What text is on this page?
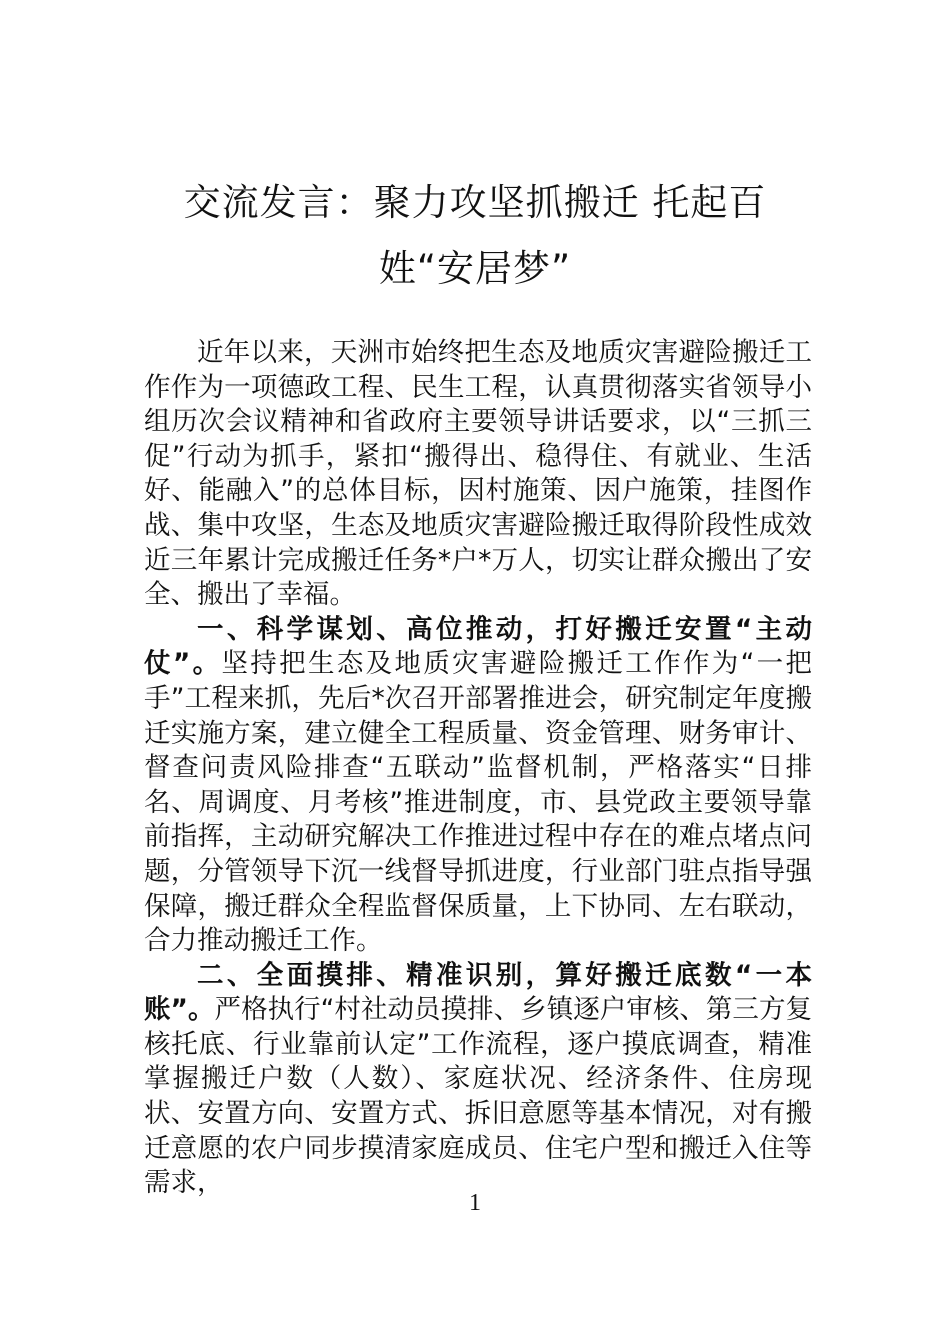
交流发言：聚力攻坚抓搬迁 托起百姓“安居梦”

近年以来，天洲市始终把生态及地质灾害避险搬迁工作作为一项德政工程、民生工程，认真贯彻落实省领导小组历次会议精神和省政府主要领导讲话要求，以“三抓三促”行动为抓手，紧扣“搬得出、稳得住、有就业、生活好、能融入”的总体目标，因村施策、因户施策，挂图作战、集中攻坚，生态及地质灾害避险搬迁取得阶段性成效近三年累计完成搬迁任务*户*万人，切实让群众搬出了安全、搬出了幸福。

一、科学谋划、高位推动，打好搬迁安置“主动仗”。坚持把生态及地质灾害避险搬迁工作作为“一把手”工程来抓，先后*次召开部署推进会，研究制定年度搬迁实施方案，建立健全工程质量、资金管理、财务审计、督查问责风险排查“五联动”监督机制，严格落实“日排名、周调度、月考核”推进制度，市、县党政主要领导靠前指挥，主动研究解决工作推进过程中存在的难点堵点问题，分管领导下沉一线督导抓进度，行业部门驻点指导强保障，搬迁群众全程监督保质量，上下协同、左右联动，合力推动搬迁工作。

二、全面摸排、精准识别，算好搬迁底数“一本账”。严格执行“村社动员摸排、乡镇逐户审核、第三方复核托底、行业靠前认定”工作流程，逐户摸底调查，精准掌握搬迁户数（人数）、家庭状况、经济条件、住房现状、安置方向、安置方式、拆旧意愿等基本情况，对有搬迁意愿的农户同步摸清家庭成员、住宅户型和搬迁入住等需求，

1
